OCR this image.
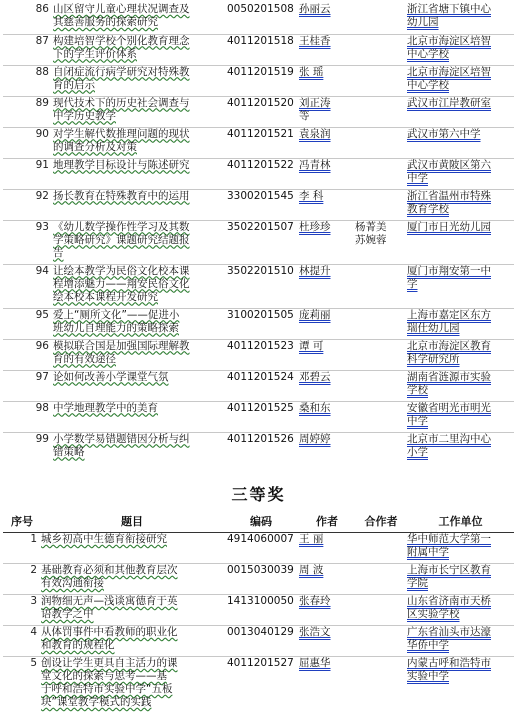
86	山区留守儿童心理状况调查及
其慈善服务的探索研究	0050201508	孙丽云		浙江省塘下镇中心
幼儿园

87	构建培智学校个别化教育理念
下的学生评价体系	4011201518	王桂香		北京市海淀区培智
中心学校

88	自闭症流行病学研究对特殊教
育的启示	4011201519	张 瑶		北京市海淀区培智
中心学校

89	现代技术下的历史社会调查与
中学历史教学	4011201520	刘正涛
等		武汉市江岸教研室

90	对学生解代数推理问题的现状
的调查分析及对策	4011201521	袁泉润		武汉市第六中学

91	地理教学目标设计与陈述研究	4011201522	冯青林		武汉市黄陂区第六
中学

92	扬长教育在特殊教育中的运用	3300201545	李 科		浙江省温州市特殊
教育学校

93	《幼儿数学操作性学习及其数
学策略研究》课题研究结题报
告	3502201507	杜珍珍	杨菁美
苏婉蓉	厦门市日光幼儿园

94	让绘本教学为民俗文化校本课
程增添魅力——翔安民俗文化
绘本校本课程开发研究	3502201510	林提升		厦门市翔安第一中
学

95	爱上“厕所文化”——促进小
班幼儿自理能力的策略探索	3100201505	庞莉丽		上海市嘉定区东方
瑞仕幼儿园

96	模拟联合国是加强国际理解教
育的有效途径	4011201523	谭 可		北京市海淀区教育
科学研究所

97	论如何改善小学课堂气氛	4011201524	邓碧云		湖南省涟源市实验
学校

98	中学地理教学中的美育	4011201525	桑和东		安徽省明光市明光
中学

99	小学数学易错题错因分析与纠
错策略	4011201526	周婷婷		北京市二里沟中心
小学
三等奖
序号	题目	编码	作者	合作者	工作单位

1	城乡初高中生德育衔接研究	4914060007	王 丽		华中师范大学第一
附属中学

2	基础教育必须和其他教育层次
有效沟通衔接	0015030039	周 波		上海市长宁区教育
学院

3	润物细无声—浅谈寓德育于英
语教学之中	1413100050	张春玲		山东省济南市天桥
区实验学校

4	从体罚事件中看教师的职业化
和教育的规程化	0013040129	张浩文		广东省汕头市达濠
华侨中学

5	创设让学生更具自主活力的课
堂文化的探索与思考——基
于呼和浩特市实验中学“五板
块”课堂教学模式的实践	4011201527	屈惠华		内蒙古呼和浩特市
实验中学
